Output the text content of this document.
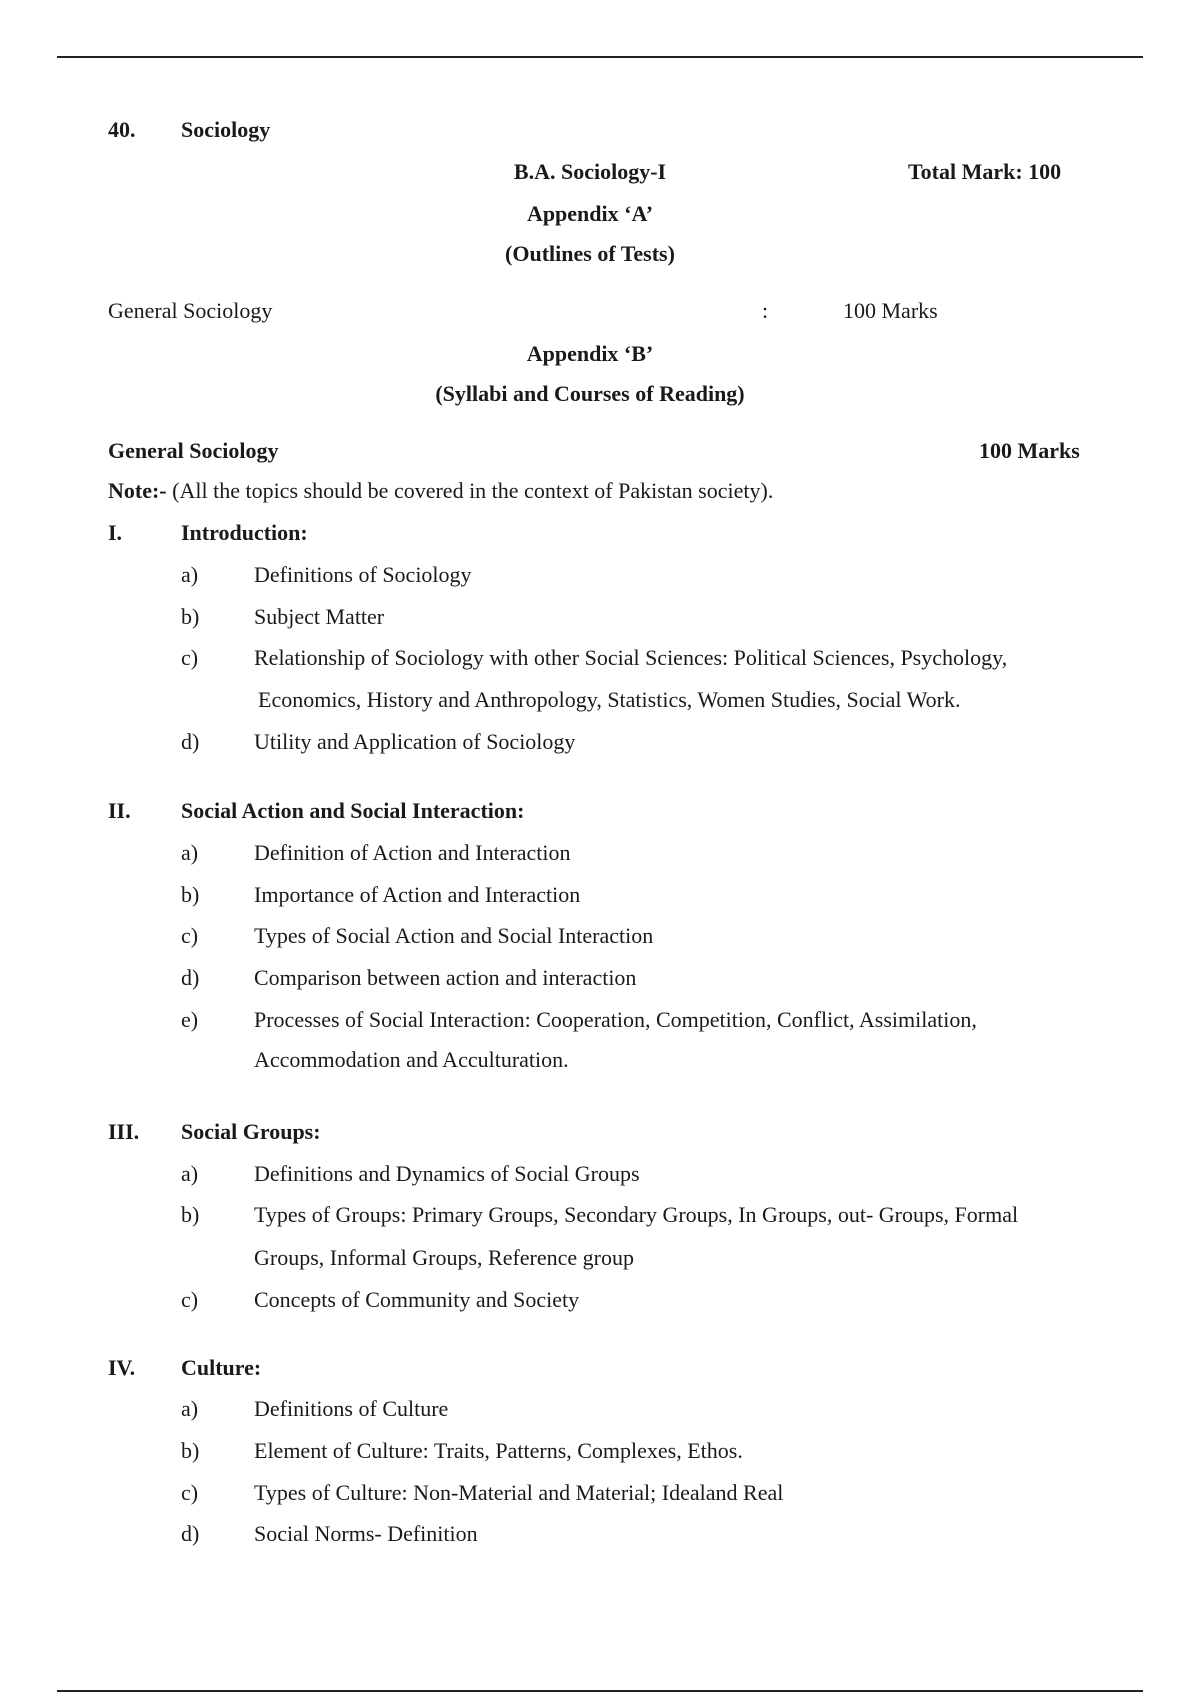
40. Sociology
B.A. Sociology-I	Total Mark: 100
Appendix ‘A’
(Outlines of Tests)
General Sociology	:	100 Marks
Appendix ‘B’
(Syllabi and Courses of Reading)
General Sociology	100 Marks
Note:- (All the topics should be covered in the context of Pakistan society).
I.	Introduction:
a)	Definitions of Sociology
b) Subject Matter
c)	Relationship of Sociology with other Social Sciences: Political Sciences, Psychology,
Economics, History and Anthropology, Statistics, Women Studies, Social Work.
d) Utility and Application of Sociology
II. Social Action and Social Interaction:
a)	Definition of Action and Interaction
b) Importance of Action and Interaction
c)	Types of Social Action and Social Interaction
d) Comparison between action and interaction
e)	Processes of Social Interaction: Cooperation, Competition, Conflict, Assimilation,
Accommodation and Acculturation.
III. Social Groups:
a)	Definitions and Dynamics of Social Groups
b) Types of Groups: Primary Groups, Secondary Groups, In Groups, out- Groups, Formal
Groups, Informal Groups, Reference group
c)	Concepts of Community and Society
IV. Culture:
a)	Definitions of Culture
b) Element of Culture: Traits, Patterns, Complexes, Ethos.
c)	Types of Culture: Non-Material and Material; Idealand Real
d) Social Norms- Definition
